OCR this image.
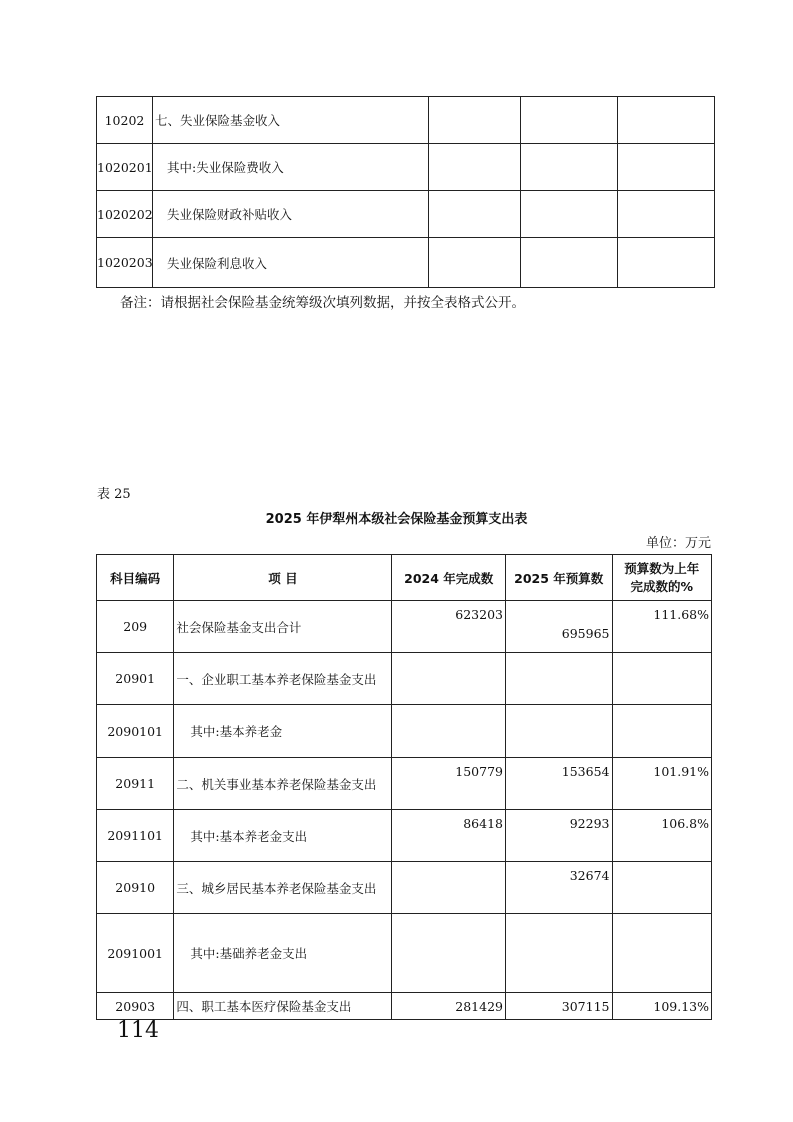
10202	七、失业保险基金收入			
1020201	其中:失业保险费收入			
1020202	失业保险财政补贴收入			
1020203	失业保险利息收入			
备注：请根据社会保险基金统筹级次填列数据，并按全表格式公开。
表 25
2025 年伊犁州本级社会保险基金预算支出表
单位：万元
科目编码	项 目	2024 年完成数	2025 年预算数	预算数为上年
完成数的%

209	社会保险基金支出合计	623203	695965	111.68%
20901	一、企业职工基本养老保险基金支出			
2090101	其中:基本养老金			
20911	二、机关事业基本养老保险基金支出	150779	153654	101.91%
2091101	其中:基本养老金支出	86418	92293	106.8%
20910	三、城乡居民基本养老保险基金支出		32674	
2091001	其中:基础养老金支出			
20903	四、职工基本医疗保险基金支出	281429	307115	109.13%
114
